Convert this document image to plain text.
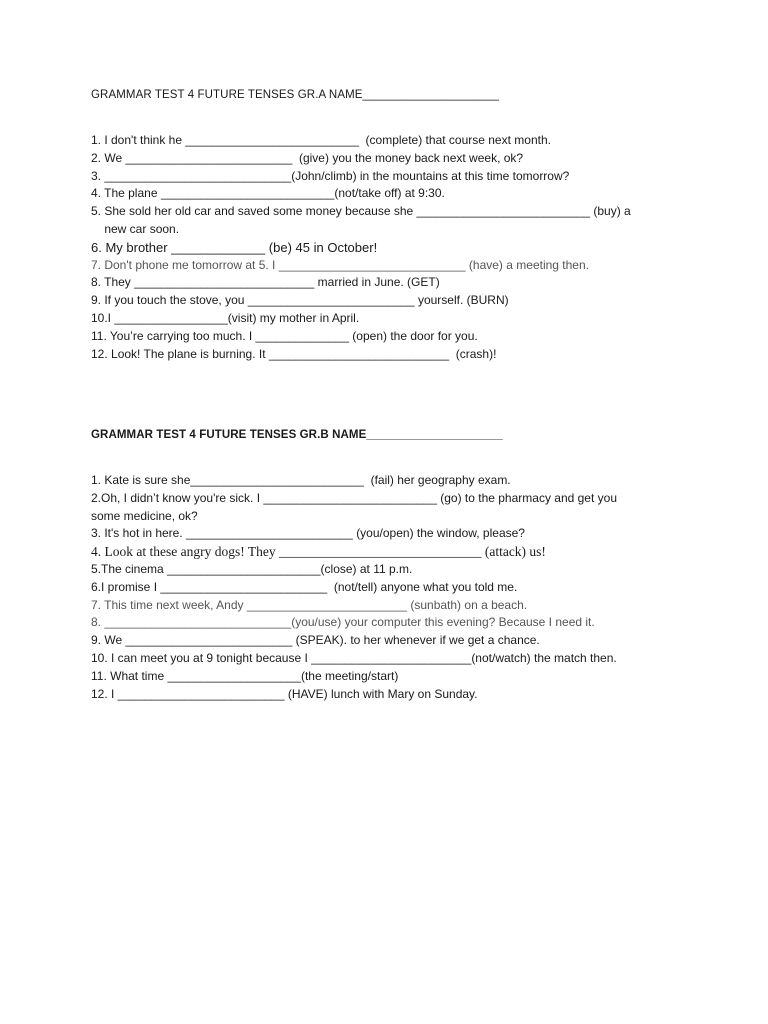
GRAMMAR TEST 4 FUTURE TENSES GR.A NAME_____________________

1. I don't think he __________________________  (complete) that course next month.
2. We _________________________  (give) you the money back next week, ok?
3. ____________________________(John/climb) in the mountains at this time tomorrow?
4. The plane __________________________(not/take off) at 9:30.
5. She sold her old car and saved some money because she __________________________ (buy) a
new car soon.
6. My brother _____________ (be) 45 in October!
7. Don't phone me tomorrow at 5. I ____________________________ (have) a meeting then.
8. They ___________________________ married in June. (GET)
9. If you touch the stove, you _________________________ yourself. (BURN)
10.I _________________(visit) my mother in April.
11. You’re carrying too much. I ______________ (open) the door for you.
12. Look! The plane is burning. It ___________________________  (crash)!

GRAMMAR TEST 4 FUTURE TENSES GR.B NAME_____________________

1. Kate is sure she__________________________  (fail) her geography exam.
2.Oh, I didn’t know you're sick. I __________________________ (go) to the pharmacy and get you
some medicine, ok?
3. It's hot in here. _________________________ (you/open) the window, please?
4. Look at these angry dogs! They ______________________________ (attack) us!
5.The cinema _______________________(close) at 11 p.m.
6.I promise I _________________________  (not/tell) anyone what you told me.
7. This time next week, Andy ________________________ (sunbath) on a beach.
8. ____________________________(you/use) your computer this evening? Because I need it.
9. We _________________________ (SPEAK). to her whenever if we get a chance.
10. I can meet you at 9 tonight because I ________________________(not/watch) the match then.
11. What time ____________________(the meeting/start)
12. I _________________________ (HAVE) lunch with Mary on Sunday.
